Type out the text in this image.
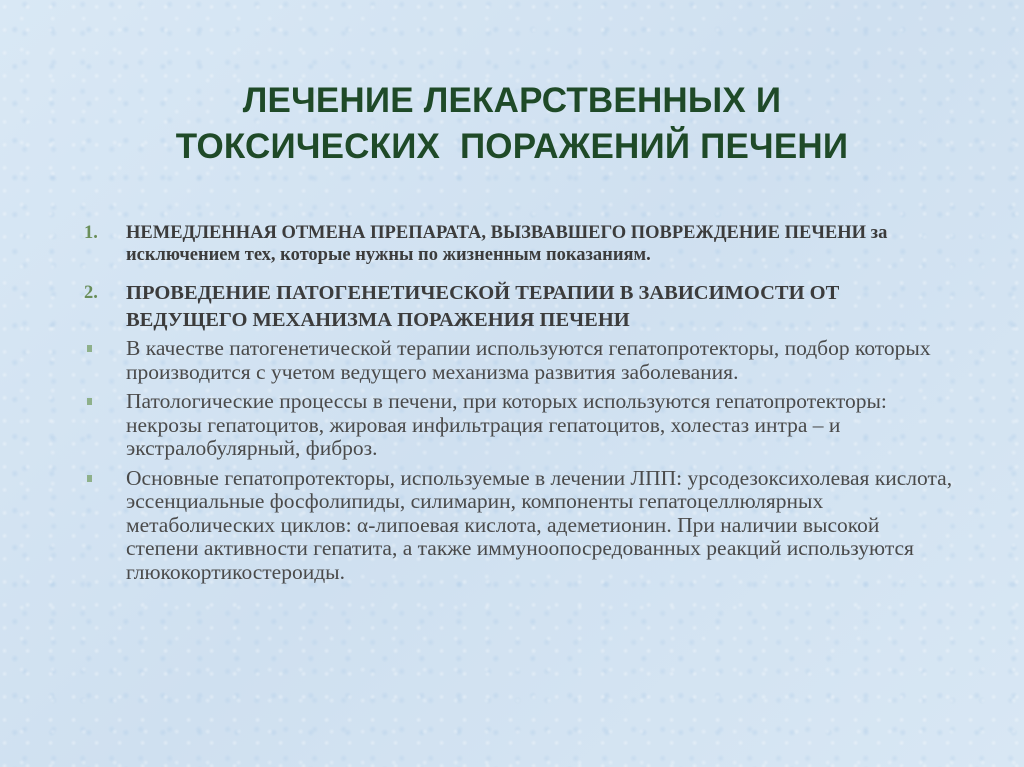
ЛЕЧЕНИЕ ЛЕКАРСТВЕННЫХ И
ТОКСИЧЕСКИХ  ПОРАЖЕНИЙ ПЕЧЕНИ
1. НЕМЕДЛЕННАЯ ОТМЕНА ПРЕПАРАТА, ВЫЗВАВШЕГО ПОВРЕЖДЕНИЕ ПЕЧЕНИ за исключением тех, которые нужны по жизненным показаниям.
2. ПРОВЕДЕНИЕ ПАТОГЕНЕТИЧЕСКОЙ ТЕРАПИИ В ЗАВИСИМОСТИ ОТ ВЕДУЩЕГО МЕХАНИЗМА ПОРАЖЕНИЯ ПЕЧЕНИ
В качестве патогенетической терапии используются гепатопротекторы, подбор которых производится с учетом ведущего механизма развития заболевания.
Патологические процессы в печени, при которых используются гепатопротекторы: некрозы гепатоцитов, жировая инфильтрация гепатоцитов, холестаз интра – и экстралобулярный, фиброз.
Основные гепатопротекторы, используемые в лечении ЛПП: урсодезоксихолевая кислота, эссенциальные фосфолипиды, силимарин, компоненты гепатоцеллюлярных метаболических циклов: α-липоевая кислота, адеметионин. При наличии высокой степени активности гепатита, а также иммуноопосредованных реакций используются глюкокортикостероиды.
